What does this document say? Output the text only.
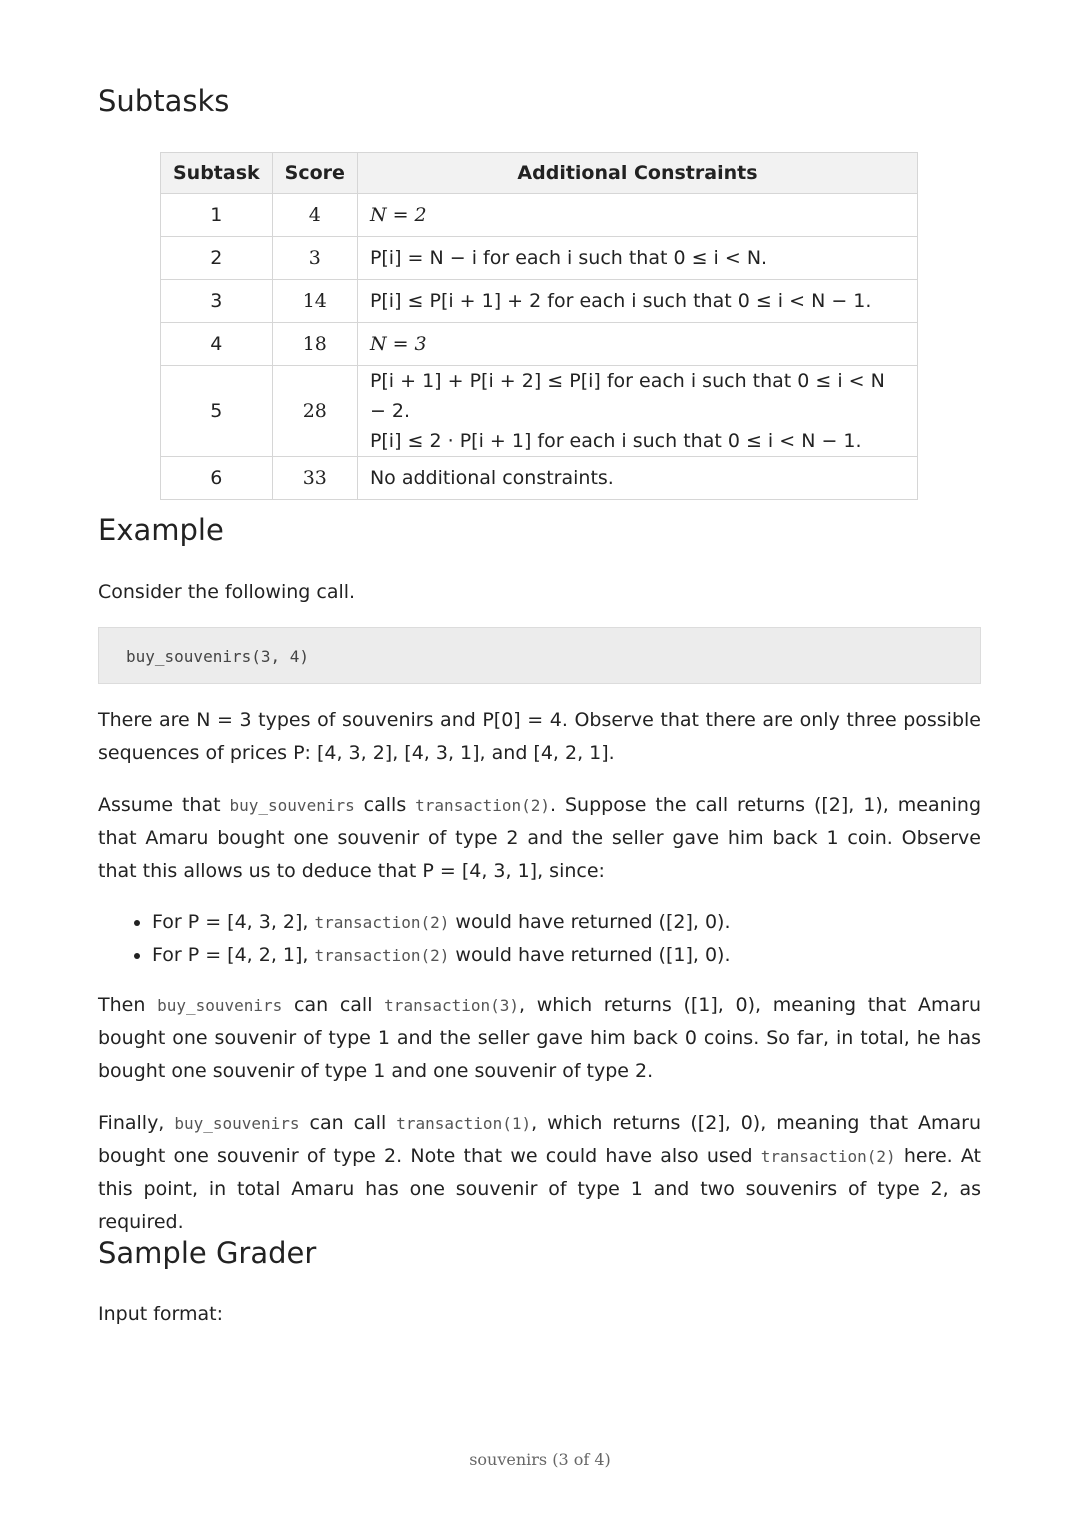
Subtasks
Subtask	Score	Additional Constraints
1	4	N = 2
2	3	P[i] = N − i for each i such that 0 ≤ i < N.
3	14	P[i] ≤ P[i + 1] + 2 for each i such that 0 ≤ i < N − 1.
4	18	N = 3
5	28	P[i + 1] + P[i + 2] ≤ P[i] for each i such that 0 ≤ i < N − 2.
P[i] ≤ 2 · P[i + 1] for each i such that 0 ≤ i < N − 1.

6	33	No additional constraints.
Example

Consider the following call.

buy_souvenirs(3, 4)

There are N = 3 types of souvenirs and P[0] = 4. Observe that there are only three possible sequences of prices P: [4, 3, 2], [4, 3, 1], and [4, 2, 1].

Assume that buy_souvenirs calls transaction(2). Suppose the call returns ([2], 1), meaning that Amaru bought one souvenir of type 2 and the seller gave him back 1 coin. Observe that this allows us to deduce that P = [4, 3, 1], since:

• For P = [4, 3, 2], transaction(2) would have returned ([2], 0).
• For P = [4, 2, 1], transaction(2) would have returned ([1], 0).

Then buy_souvenirs can call transaction(3), which returns ([1], 0), meaning that Amaru bought one souvenir of type 1 and the seller gave him back 0 coins. So far, in total, he has bought one souvenir of type 1 and one souvenir of type 2.

Finally, buy_souvenirs can call transaction(1), which returns ([2], 0), meaning that Amaru bought one souvenir of type 2. Note that we could have also used transaction(2) here. At this point, in total Amaru has one souvenir of type 1 and two souvenirs of type 2, as required.

Sample Grader

Input format:

souvenirs (3 of 4)
